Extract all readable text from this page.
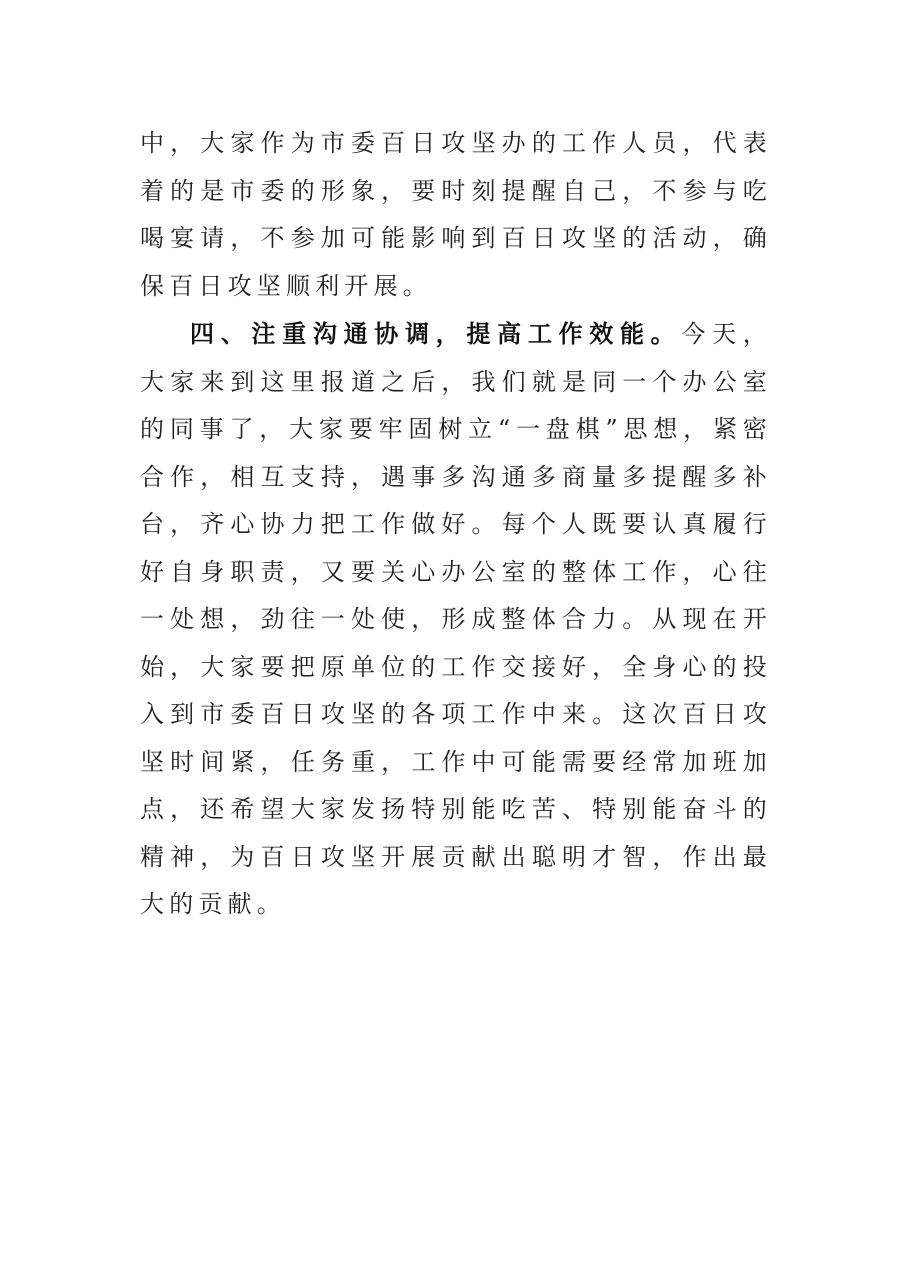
中，大家作为市委百日攻坚办的工作人员，代表着的是市委的形象，要时刻提醒自己，不参与吃喝宴请，不参加可能影响到百日攻坚的活动，确保百日攻坚顺利开展。

四、注重沟通协调，提高工作效能。今天，大家来到这里报道之后，我们就是同一个办公室的同事了，大家要牢固树立“一盘棋”思想，紧密合作，相互支持，遇事多沟通多商量多提醒多补台，齐心协力把工作做好。每个人既要认真履行好自身职责，又要关心办公室的整体工作，心往一处想，劲往一处使，形成整体合力。从现在开始，大家要把原单位的工作交接好，全身心的投入到市委百日攻坚的各项工作中来。这次百日攻坚时间紧，任务重，工作中可能需要经常加班加点，还希望大家发扬特别能吃苦、特别能奋斗的精神，为百日攻坚开展贡献出聪明才智，作出最大的贡献。
